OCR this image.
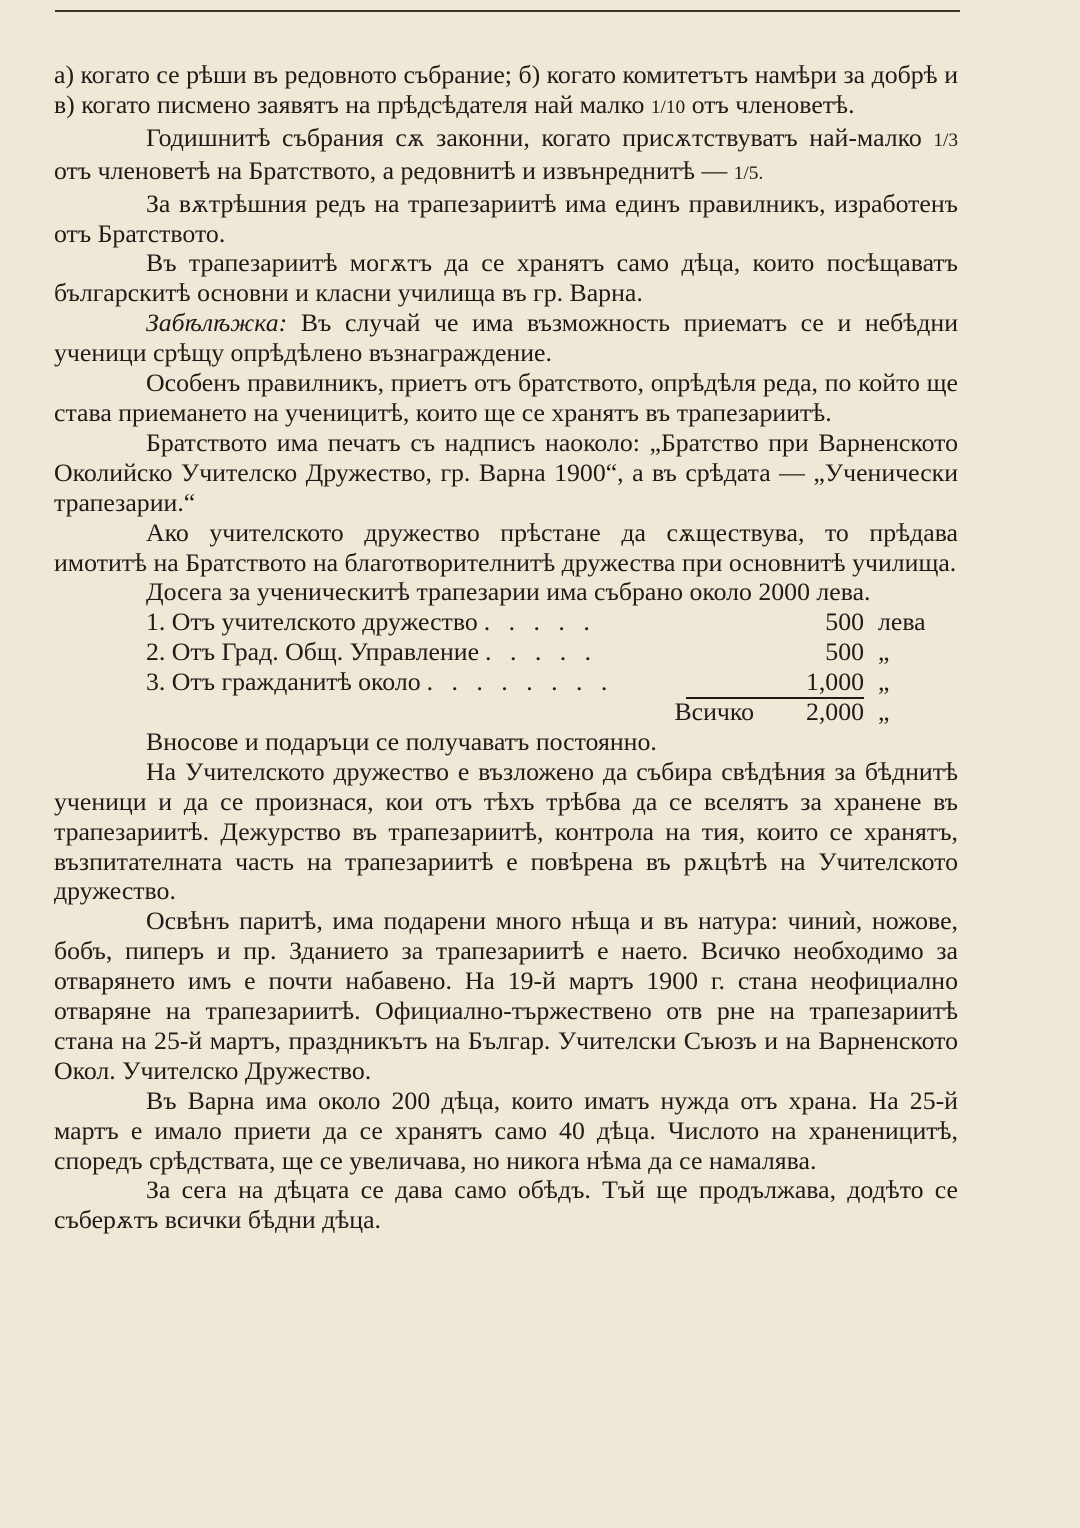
а) когато се рѣши въ редовното събрание; б) когато комитетътъ намѣри за добрѣ и в) когато писмено заявятъ на прѣдсѣдателя най малко 1/10 отъ членоветѣ.

Годишнитѣ събрания сѫ законни, когато присѫтствуватъ най-малко 1/3 отъ членоветѣ на Братството, а редовнитѣ и извънреднитѣ — 1/5.

За вѫтрѣшния редъ на трапезариитѣ има единъ правилникъ, изработенъ отъ Братството.

Въ трапезариитѣ могѫтъ да се хранятъ само дѣца, които посѣщаватъ българскитѣ основни и класни училища въ гр. Варна.

Забѣлѣжка: Въ случай че има възможность приематъ се и небѣдни ученици срѣщу опрѣдѣлено възнаграждение.

Особенъ правилникъ, приетъ отъ братството, опрѣдѣля реда, по който ще става приемането на ученицитѣ, които ще се хранятъ въ трапезариитѣ.

Братството има печатъ съ надписъ наоколо: „Братство при Варненското Околийско Учителско Дружество, гр. Варна 1900“, а въ срѣдата — „Ученически трапезарии.“

Ако учителското дружество прѣстане да сѫществува, то прѣдава имотитѣ на Братството на благотворителнитѣ дружества при основнитѣ училища.

Досега за ученическитѣ трапезарии има събрано около 2000 лева.

1. Отъ учителското дружество . . . . .	500 лева
2. Отъ Град. Общ. Управление . . . . .	500 „
3. Отъ гражданитѣ около . . . . . . . .	1,000 „
Всичко	2,000 „

Вносове и подаръци се получаватъ постоянно.

На Учителското дружество е възложено да събира свѣдѣния за бѣднитѣ ученици и да се произнася, кои отъ тѣхъ трѣбва да се вселятъ за хранене въ трапезариитѣ. Дежурство въ трапезариитѣ, контрола на тия, които се хранятъ, възпитателната часть на трапезариитѣ е повѣрена въ рѫцѣтѣ на Учителското дружество.

Освѣнъ паритѣ, има подарени много нѣща и въ натура: чиниѝ, ножове, бобъ, пиперъ и пр. Зданието за трапезариитѣ е наето. Всичко необходимо за отварянето имъ е почти набавено. На 19-й мартъ 1900 г. стана неофициално отваряне на трапезариитѣ. Официално-тържествено отв рне на трапезариитѣ стана на 25-й мартъ, праздникътъ на Българ. Учителски Съюзъ и на Варненското Окол. Учителско Дружество.

Въ Варна има около 200 дѣца, които иматъ нужда отъ храна. На 25-й мартъ е имало приети да се хранятъ само 40 дѣца. Числото на храненицитѣ, споредъ срѣдствата, ще се увеличава, но никога нѣма да се намалява.

За сега на дѣцата се дава само обѣдъ. Тъй ще продължава, додѣто се съберѫтъ всички бѣдни дѣца.
